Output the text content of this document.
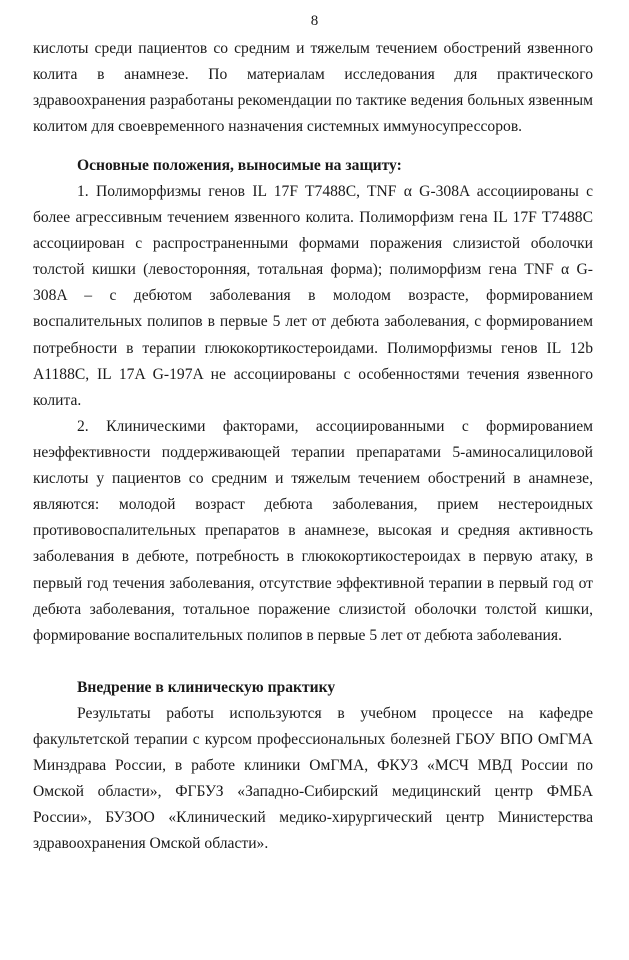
8

кислоты среди пациентов со средним и тяжелым течением обострений язвенного колита в анамнезе. По материалам исследования для практического здравоохранения разработаны рекомендации по тактике ведения больных язвенным колитом для своевременного назначения системных иммуносупрессоров.

Основные положения, выносимые на защиту:

1. Полиморфизмы генов IL 17F T7488C, TNF α G-308A ассоциированы с более агрессивным течением язвенного колита. Полиморфизм гена IL 17F T7488C ассоциирован с распространенными формами поражения слизистой оболочки толстой кишки (левосторонняя, тотальная форма); полиморфизм гена TNF α G-308A – с дебютом заболевания в молодом возрасте, формированием воспалительных полипов в первые 5 лет от дебюта заболевания, с формированием потребности в терапии глюкокортикостероидами. Полиморфизмы генов IL 12b A1188C, IL 17A G-197A не ассоциированы с особенностями течения язвенного колита.

2. Клиническими факторами, ассоциированными с формированием неэффективности поддерживающей терапии препаратами 5-аминосалициловой кислоты у пациентов со средним и тяжелым течением обострений в анамнезе, являются: молодой возраст дебюта заболевания, прием нестероидных противовоспалительных препаратов в анамнезе, высокая и средняя активность заболевания в дебюте, потребность в глюкокортикостероидах в первую атаку, в первый год течения заболевания, отсутствие эффективной терапии в первый год от дебюта заболевания, тотальное поражение слизистой оболочки толстой кишки, формирование воспалительных полипов в первые 5 лет от дебюта заболевания.

Внедрение в клиническую практику

Результаты работы используются в учебном процессе на кафедре факультетской терапии с курсом профессиональных болезней ГБОУ ВПО ОмГМА Минздрава России, в работе клиники ОмГМА, ФКУЗ «МСЧ МВД России по Омской области», ФГБУЗ «Западно-Сибирский медицинский центр ФМБА России», БУЗОО «Клинический медико-хирургический центр Министерства здравоохранения Омской области».
